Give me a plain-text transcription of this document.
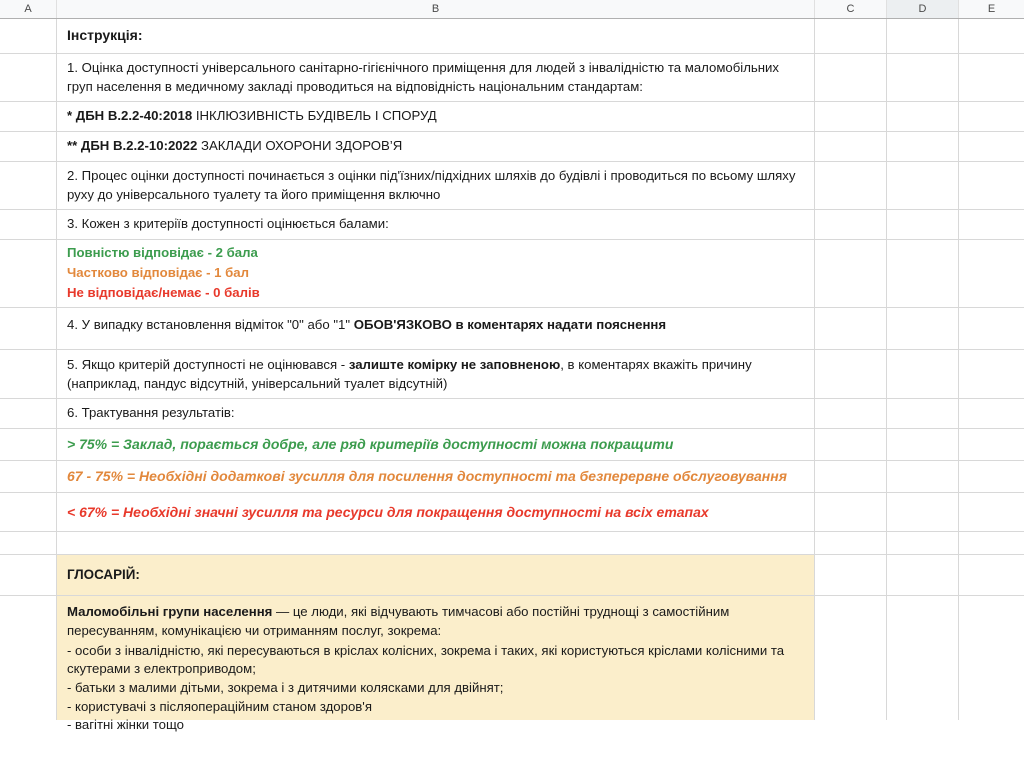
A	B	C	D	E
Інструкція:
1. Оцінка доступності універсального санітарно-гігієнічного приміщення для людей з інвалідністю та маломобільних груп населення в медичному закладі проводиться на відповідність національним стандартам:
* ДБН В.2.2-40:2018 ІНКЛЮЗИВНІСТЬ БУДІВЕЛЬ І СПОРУД
** ДБН В.2.2-10:2022 ЗАКЛАДИ ОХОРОНИ ЗДОРОВ’Я
2. Процес оцінки доступності починається з оцінки під'їзних/підхідних шляхів до будівлі і проводиться по всьому шляху руху до універсального туалету та його приміщення включно
3. Кожен з критеріїв доступності оцінюється балами:
Повністю відповідає - 2 бала
Частково відповідає - 1 бал
Не відповідає/немає - 0 балів
4. У випадку встановлення відміток "0" або "1" ОБОВ'ЯЗКОВО в коментарях надати пояснення
5. Якщо критерій доступності не оцінювався - залиште комірку не заповненою, в коментарях вкажіть причину (наприклад, пандус відсутній, універсальний туалет відсутній)
6. Трактування результатів:
> 75% = Заклад, порається добре, але ряд критеріїв доступності можна покращити
67 - 75% = Необхідні додаткові зусилля для посилення доступності та безперервне обслуговування
< 67% = Необхідні значні зусилля та ресурси для покращення доступності на всіх етапах
ГЛОСАРІЙ:
Маломобільні групи населення — це люди, які відчувають тимчасові або постійні труднощі з самостійним пересуванням, комунікацією чи отриманням послуг, зокрема:
- особи з інвалідністю, які пересуваються в кріслах колісних, зокрема і таких, які користуються кріслами колісними та скутерами з електроприводом;
- батьки з малими дітьми, зокрема і з дитячими колясками для двійнят;
- користувачі з післяопераційним станом здоров'я
- вагітні жінки тощо
